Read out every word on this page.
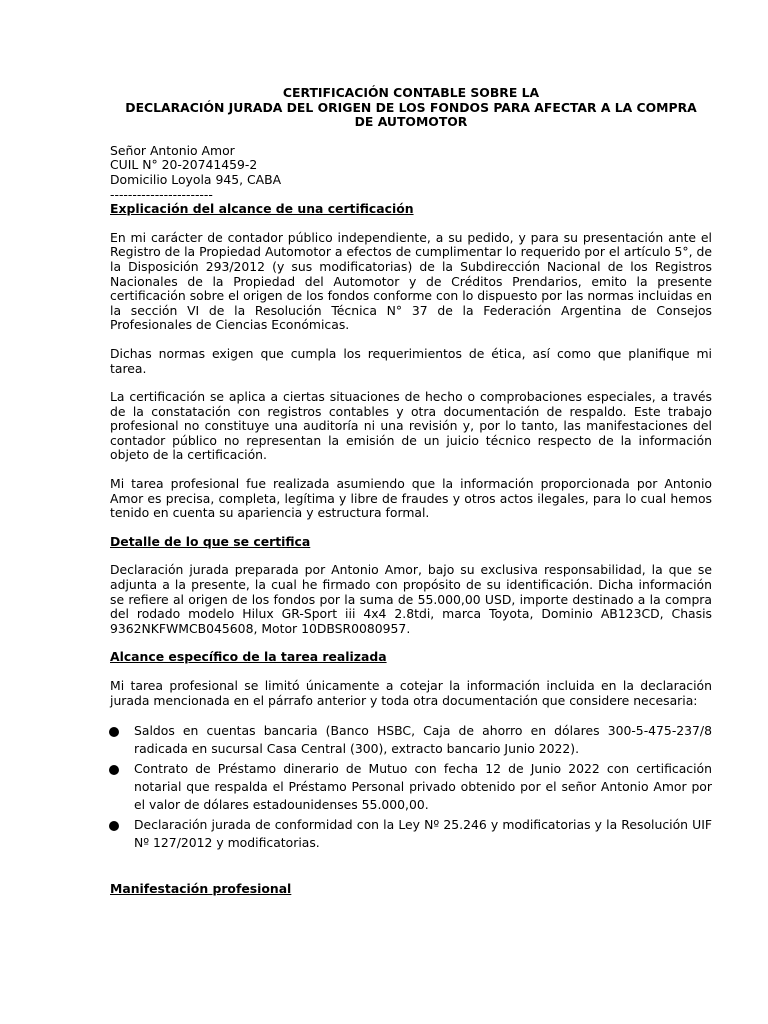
CERTIFICACIÓN CONTABLE SOBRE LA

DECLARACIÓN JURADA DEL ORIGEN DE LOS FONDOS PARA AFECTAR A LA COMPRA

DE AUTOMOTOR

Señor Antonio Amor

CUIL N° 20-20741459-2

Domicilio Loyola 945, CABA

-----------------------

Explicación del alcance de una certificación

En mi carácter de contador público independiente, a su pedido, y para su presentación ante el Registro de la Propiedad Automotor a efectos de cumplimentar lo requerido por el artículo 5°, de la Disposición 293/2012 (y sus modificatorias) de la Subdirección Nacional de los Registros Nacionales de la Propiedad del Automotor y de Créditos Prendarios, emito la presente certificación sobre el origen de los fondos conforme con lo dispuesto por las normas incluidas en la sección VI de la Resolución Técnica N° 37 de la Federación Argentina de Consejos Profesionales de Ciencias Económicas.

Dichas normas exigen que cumpla los requerimientos de ética, así como que planifique mi tarea.

La certificación se aplica a ciertas situaciones de hecho o comprobaciones especiales, a través de la constatación con registros contables y otra documentación de respaldo. Este trabajo profesional no constituye una auditoría ni una revisión y, por lo tanto, las manifestaciones del contador público no representan la emisión de un juicio técnico respecto de la información objeto de la certificación.

Mi tarea profesional fue realizada asumiendo que la información proporcionada por Antonio Amor es precisa, completa, legítima y libre de fraudes y otros actos ilegales, para lo cual hemos tenido en cuenta su apariencia y estructura formal.

Detalle de lo que se certifica

Declaración jurada preparada por Antonio Amor, bajo su exclusiva responsabilidad, la que se adjunta a la presente, la cual he firmado con propósito de su identificación. Dicha información se refiere al origen de los fondos por la suma de 55.000,00 USD, importe destinado a la compra del rodado modelo Hilux GR-Sport iii 4x4 2.8tdi, marca Toyota, Dominio AB123CD, Chasis 9362NKFWMCB045608, Motor 10DBSR0080957.

Alcance específico de la tarea realizada

Mi tarea profesional se limitó únicamente a cotejar la información incluida en la declaración jurada mencionada en el párrafo anterior y toda otra documentación que considere necesaria:

Saldos en cuentas bancaria (Banco HSBC, Caja de ahorro en dólares 300-5-475-237/8 radicada en sucursal Casa Central (300), extracto bancario Junio 2022).
Contrato de Préstamo dinerario de Mutuo con fecha 12 de Junio 2022 con certificación notarial que respalda el Préstamo Personal privado obtenido por el señor Antonio Amor por el valor de dólares estadounidenses 55.000,00.
Declaración jurada de conformidad con la Ley Nº 25.246 y modificatorias y la Resolución UIF Nº 127/2012 y modificatorias.

Manifestación profesional
